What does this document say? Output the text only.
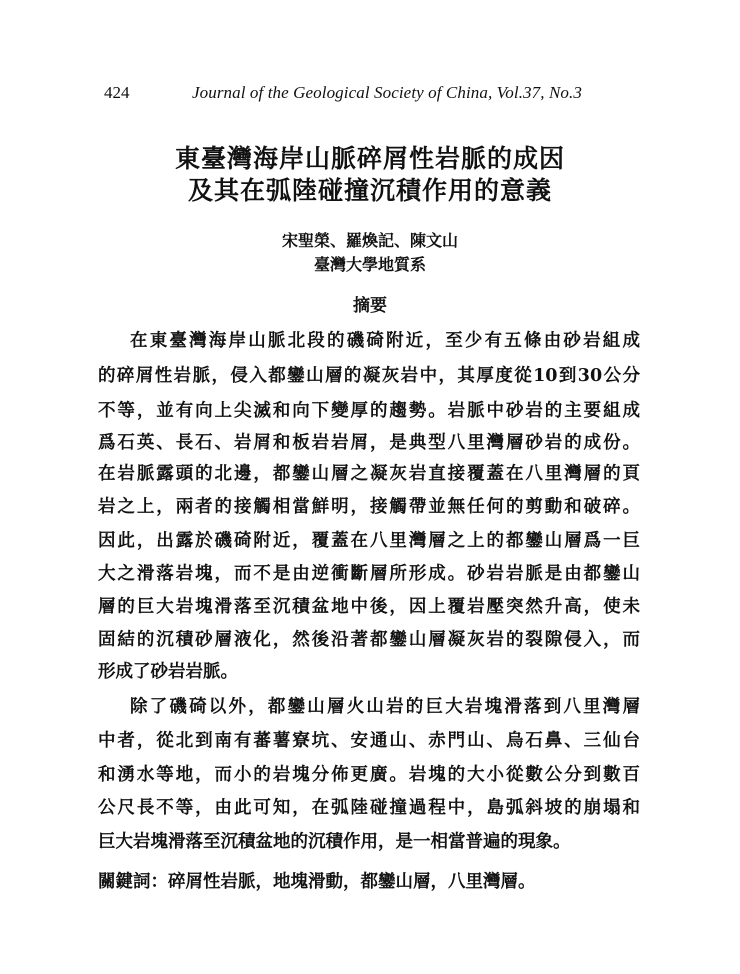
424	Journal of the Geological Society of China, Vol.37, No.3
東臺灣海岸山脈碎屑性岩脈的成因
及其在弧陸碰撞沉積作用的意義
宋聖榮、羅煥記、陳文山
臺灣大學地質系
摘要
在東臺灣海岸山脈北段的磯碕附近，至少有五條由砂岩組成
的碎屑性岩脈，侵入都鑾山層的凝灰岩中，其厚度從10到30公分
不等，並有向上尖滅和向下變厚的趨勢。岩脈中砂岩的主要組成
爲石英、長石、岩屑和板岩岩屑，是典型八里灣層砂岩的成份。
在岩脈露頭的北邊，都鑾山層之凝灰岩直接覆蓋在八里灣層的頁
岩之上，兩者的接觸相當鮮明，接觸帶並無任何的剪動和破碎。
因此，出露於磯碕附近，覆蓋在八里灣層之上的都鑾山層爲一巨
大之滑落岩塊，而不是由逆衝斷層所形成。砂岩岩脈是由都鑾山
層的巨大岩塊滑落至沉積盆地中後，因上覆岩壓突然升高，使未
固結的沉積砂層液化，然後沿著都鑾山層凝灰岩的裂隙侵入，而
形成了砂岩岩脈。
除了磯碕以外，都鑾山層火山岩的巨大岩塊滑落到八里灣層
中者，從北到南有蕃薯寮坑、安通山、赤門山、烏石鼻、三仙台
和湧水等地，而小的岩塊分佈更廣。岩塊的大小從數公分到數百
公尺長不等，由此可知，在弧陸碰撞過程中，島弧斜坡的崩塌和
巨大岩塊滑落至沉積盆地的沉積作用，是一相當普遍的現象。
關鍵詞：碎屑性岩脈，地塊滑動，都鑾山層，八里灣層。
